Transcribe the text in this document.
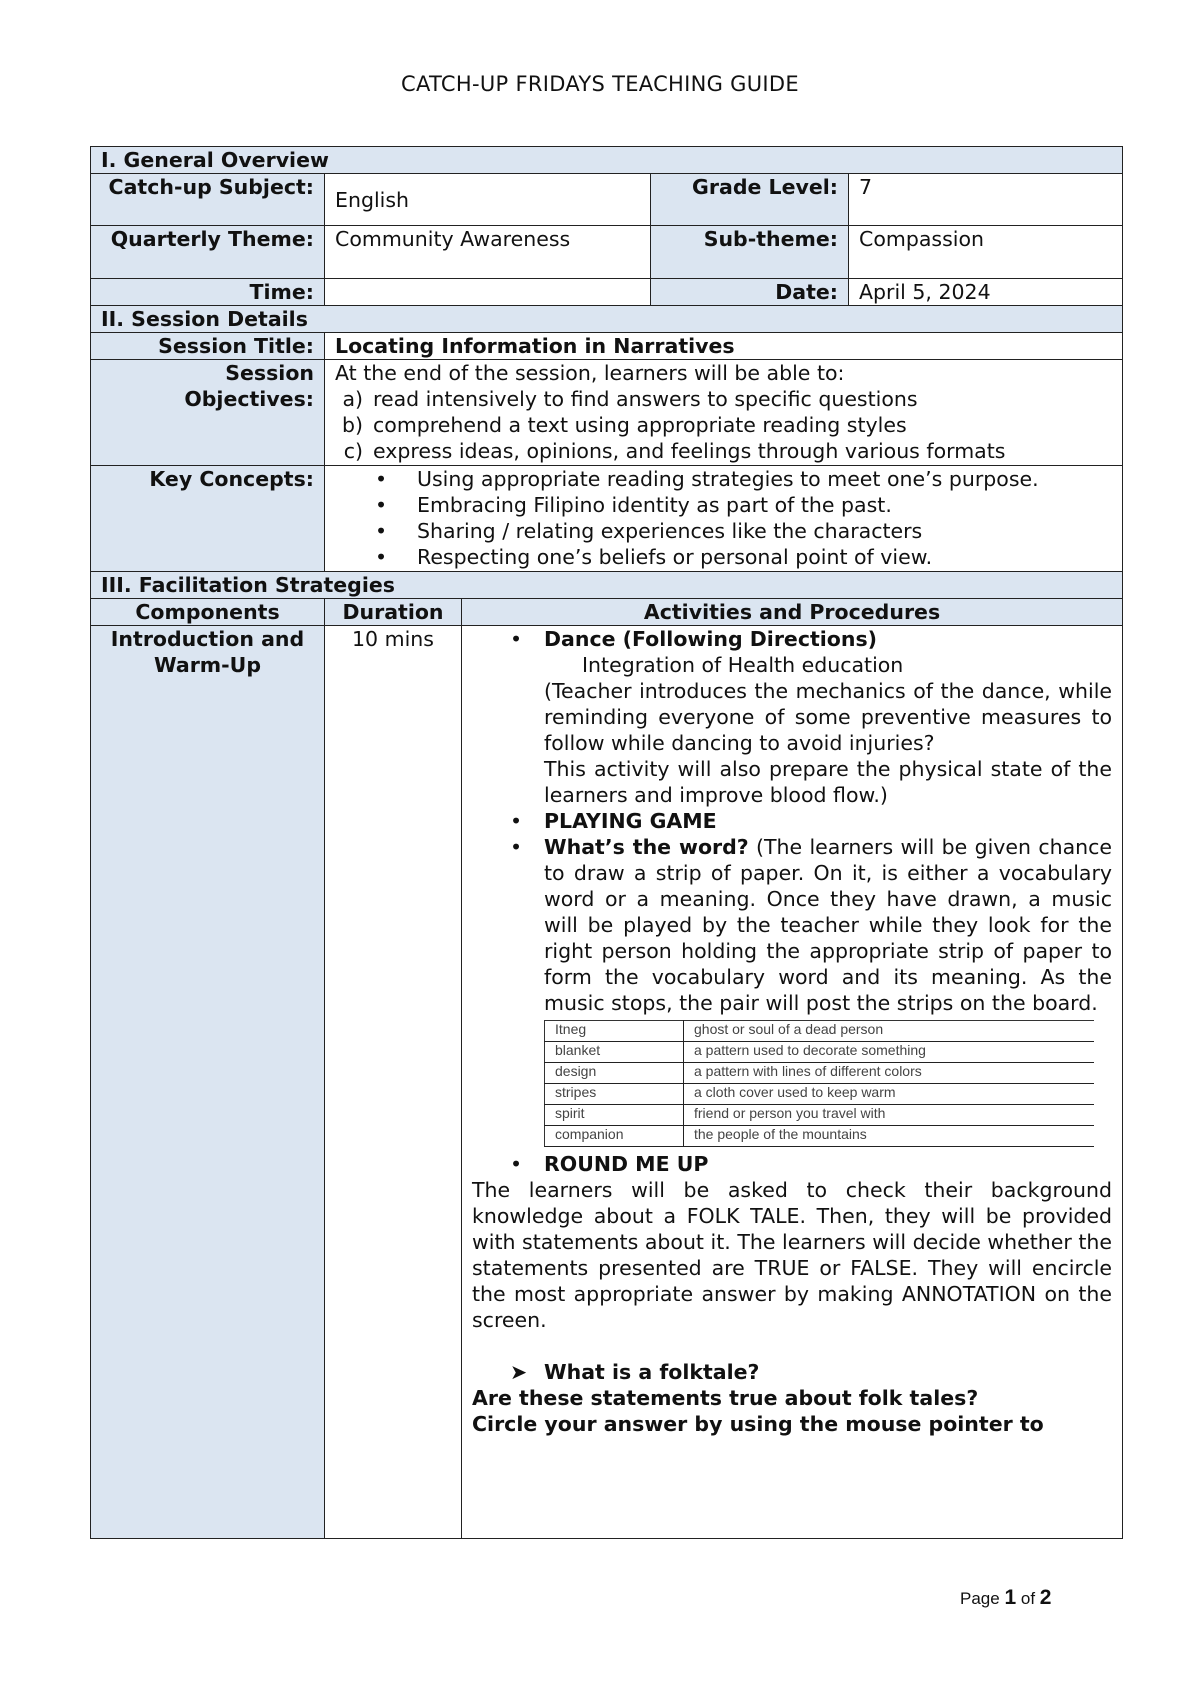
CATCH-UP FRIDAYS TEACHING GUIDE
I. General Overview
Catch-up Subject:	English	Grade Level:	7
Quarterly Theme:	Community Awareness	Sub-theme:	Compassion
Time:		Date:	April 5, 2024
II. Session Details
Session Title:	Locating Information in Narratives
Session Objectives:	
At the end of the session, learners will be able to:
a) read intensively to find answers to specific questions
b) comprehend a text using appropriate reading styles
c) express ideas, opinions, and feelings through various formats

Key Concepts:	• Using appropriate reading strategies to meet one’s purpose.
• Embracing Filipino identity as part of the past.
• Sharing / relating experiences like the characters
• Respecting one’s beliefs or personal point of view.

III. Facilitation Strategies
Components	Duration	Activities and Procedures
Introduction and Warm-Up	10 mins	• Dance (Following Directions)

Integration of Health education

(Teacher introduces the mechanics of the dance, while reminding everyone of some preventive measures to follow while dancing to avoid injuries?

This activity will also prepare the physical state of the learners and improve blood flow.)

• PLAYING GAME
• What’s the word? (The learners will be given chance to draw a strip of paper. On it, is either a vocabulary word or a meaning. Once they have drawn, a music will be played by the teacher while they look for the right person holding the appropriate strip of paper to form the vocabulary word and its meaning. As the music stops, the pair will post the strips on the board.
Itneg	ghost or soul of a dead person
blanket	a pattern used to decorate something
design	a pattern with lines of different colors
stripes	a cloth cover used to keep warm
spirit	friend or person you travel with
companion	the people of the mountains
• ROUND ME UP

The learners will be asked to check their background knowledge about a FOLK TALE. Then, they will be provided with statements about it. The learners will decide whether the statements presented are TRUE or FALSE. They will encircle the most appropriate answer by making ANNOTATION on the screen.

➤ What is a folktale?

Are these statements true about folk tales?

Circle your answer by using the mouse pointer to

Page 1 of 2
